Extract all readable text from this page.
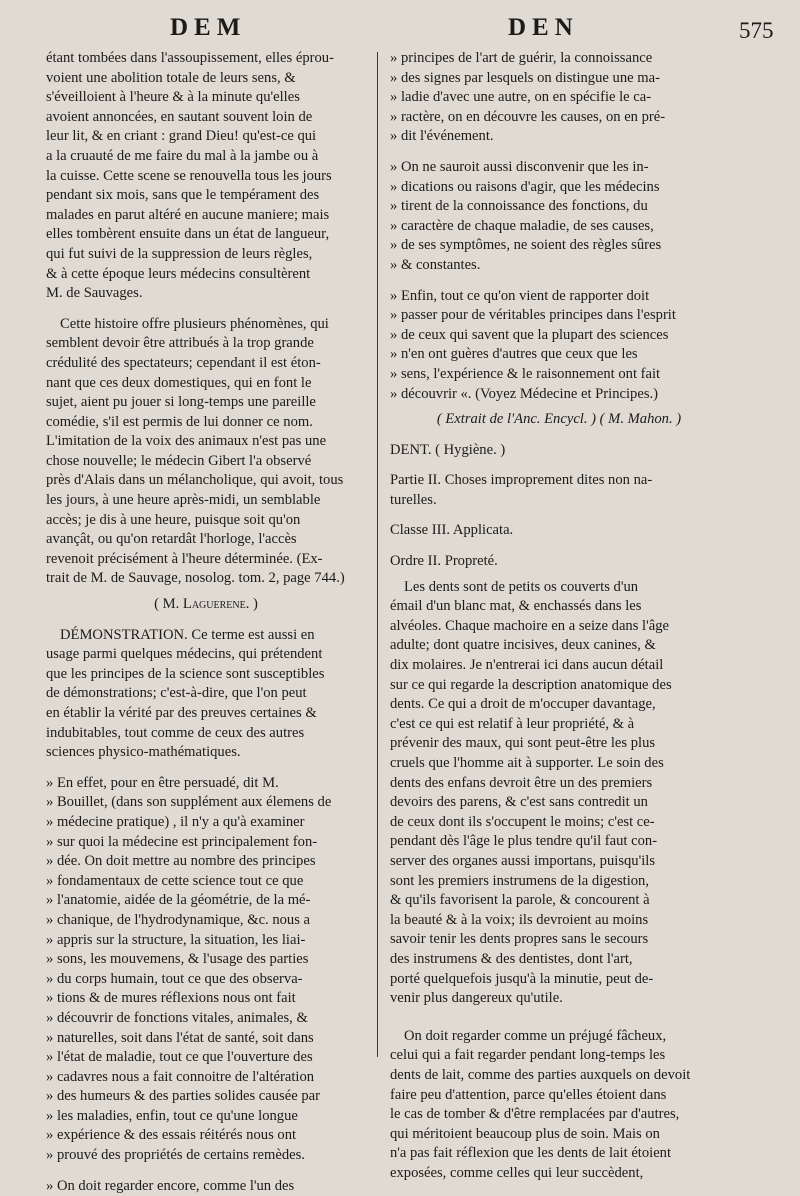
DEM	DEN	575

étant tombées dans l'assoupissement, elles éprou-

voient une abolition totale de leurs sens, &

s'éveilloient à l'heure & à la minute qu'elles

avoient annoncées, en sautant souvent loin de

leur lit, & en criant : grand Dieu! qu'est-ce qui

a la cruauté de me faire du mal à la jambe ou à

la cuisse. Cette scene se renouvella tous les jours

pendant six mois, sans que le tempérament des

malades en parut altéré en aucune maniere; mais

elles tombèrent ensuite dans un état de langueur,

qui fut suivi de la suppression de leurs règles,

& à cette époque leurs médecins consultèrent

M. de Sauvages.

Cette histoire offre plusieurs phénomènes, qui

semblent devoir être attribués à la trop grande

crédulité des spectateurs; cependant il est éton-

nant que ces deux domestiques, qui en font le

sujet, aient pu jouer si long-temps une pareille

comédie, s'il est permis de lui donner ce nom.

L'imitation de la voix des animaux n'est pas une

chose nouvelle; le médecin Gibert l'a observé

près d'Alais dans un mélancholique, qui avoit, tous

les jours, à une heure après-midi, un semblable

accès; je dis à une heure, puisque soit qu'on

avançât, ou qu'on retardât l'horloge, l'accès

revenoit précisément à l'heure déterminée. (Ex-

trait de M. de Sauvage, nosolog. tom. 2, page 744.)

( M. Laguerene. )

DÉMONSTRATION. Ce terme est aussi en

usage parmi quelques médecins, qui prétendent

que les principes de la science sont susceptibles

de démonstrations; c'est-à-dire, que l'on peut

en établir la vérité par des preuves certaines &

indubitables, tout comme de ceux des autres

sciences physico-mathématiques.

» En effet, pour en être persuadé, dit M.

» Bouillet, (dans son supplément aux élemens de

» médecine pratique) , il n'y a qu'à examiner

» sur quoi la médecine est principalement fon-

» dée. On doit mettre au nombre des principes

» fondamentaux de cette science tout ce que

» l'anatomie, aidée de la géométrie, de la mé-

» chanique, de l'hydrodynamique, &c. nous a

» appris sur la structure, la situation, les liai-

» sons, les mouvemens, & l'usage des parties

» du corps humain, tout ce que des observa-

» tions & de mures réflexions nous ont fait

» découvrir de fonctions vitales, animales, &

» naturelles, soit dans l'état de santé, soit dans

» l'état de maladie, tout ce que l'ouverture des

» cadavres nous a fait connoitre de l'altération

» des humeurs & des parties solides causée par

» les maladies, enfin, tout ce qu'une longue

» expérience & des essais réitérés nous ont

» prouvé des propriétés de certains remèdes.

» On doit regarder encore, comme l'un des

» principes de l'art de guérir, la connoissance

» des signes par lesquels on distingue une ma-

» ladie d'avec une autre, on en spécifie le ca-

» ractère, on en découvre les causes, on en pré-

» dit l'événement.

» On ne sauroit aussi disconvenir que les in-

» dications ou raisons d'agir, que les médecins

» tirent de la connoissance des fonctions, du

» caractère de chaque maladie, de ses causes,

» de ses symptômes, ne soient des règles sûres

» & constantes.

» Enfin, tout ce qu'on vient de rapporter doit

» passer pour de véritables principes dans l'esprit

» de ceux qui savent que la plupart des sciences

» n'en ont guères d'autres que ceux que les

» sens, l'expérience & le raisonnement ont fait

» découvrir «. (Voyez Médecine et Principes.)

( Extrait de l'Anc. Encycl. ) ( M. Mahon. )

DENT. ( Hygiène. )

Partie II. Choses improprement dites non na-

turelles.

Classe III. Applicata.

Ordre II. Propreté.

Les dents sont de petits os couverts d'un

émail d'un blanc mat, & enchassés dans les

alvéoles. Chaque machoire en a seize dans l'âge

adulte; dont quatre incisives, deux canines, &

dix molaires. Je n'entrerai ici dans aucun détail

sur ce qui regarde la description anatomique des

dents. Ce qui a droit de m'occuper davantage,

c'est ce qui est relatif à leur propriété, & à

prévenir des maux, qui sont peut-être les plus

cruels que l'homme ait à supporter. Le soin des

dents des enfans devroit être un des premiers

devoirs des parens, & c'est sans contredit un

de ceux dont ils s'occupent le moins; c'est ce-

pendant dès l'âge le plus tendre qu'il faut con-

server des organes aussi importans, puisqu'ils

sont les premiers instrumens de la digestion,

& qu'ils favorisent la parole, & concourent à

la beauté & à la voix; ils devroient au moins

savoir tenir les dents propres sans le secours

des instrumens & des dentistes, dont l'art,

porté quelquefois jusqu'à la minutie, peut de-

venir plus dangereux qu'utile.

On doit regarder comme un préjugé fâcheux,

celui qui a fait regarder pendant long-temps les

dents de lait, comme des parties auxquels on devoit

faire peu d'attention, parce qu'elles étoient dans

le cas de tomber & d'être remplacées par d'autres,

qui méritoient beaucoup plus de soin. Mais on

n'a pas fait réflexion que les dents de lait étoient

exposées, comme celles qui leur succèdent,
